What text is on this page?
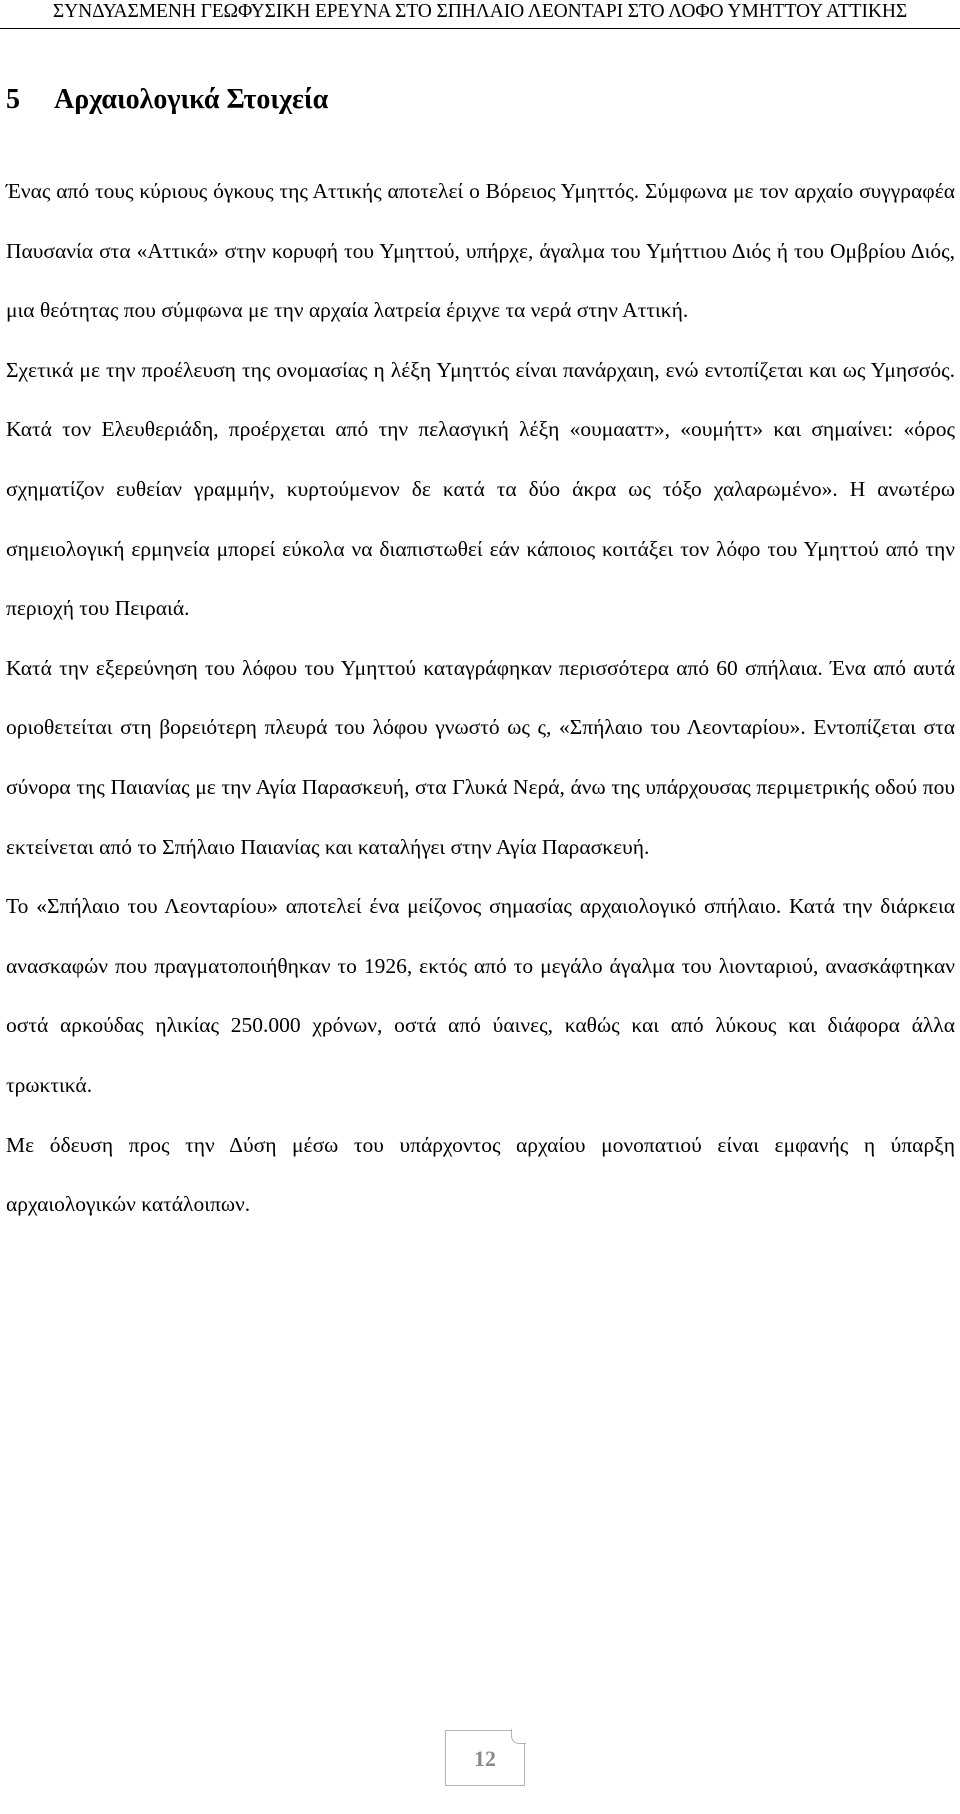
ΣΥΝΔΥΑΣΜΕΝΗ ΓΕΩΦΥΣΙΚΗ ΕΡΕΥΝΑ ΣΤΟ ΣΠΗΛΑΙΟ ΛΕΟΝΤΑΡΙ ΣΤΟ ΛΟΦΟ ΥΜΗΤΤΟΥ ΑΤΤΙΚΗΣ
5 Αρχαιολογικά Στοιχεία

Ένας από τους κύριους όγκους της Αττικής αποτελεί ο Βόρειος Υμηττός. Σύμφωνα με τον αρχαίο συγγραφέα Παυσανία στα «Αττικά» στην κορυφή του Υμηττού, υπήρχε, άγαλμα του Υμήττιου Διός ή του Ομβρίου Διός, μια θεότητας που σύμφωνα με την αρχαία λατρεία έριχνε τα νερά στην Αττική.

Σχετικά με την προέλευση της ονομασίας η λέξη Υμηττός είναι πανάρχαιη, ενώ εντοπίζεται και ως Υμησσός. Κατά τον Ελευθεριάδη, προέρχεται από την πελασγική λέξη «ουμαατт», «ουμήττ» και σημαίνει: «όρος σχηματίζον ευθείαν γραμμήν, κυρτούμενον δε κατά τα δύο άκρα ως τόξο χαλαρωμένο». Η ανωτέρω σημειολογική ερμηνεία μπορεί εύκολα να διαπιστωθεί εάν κάποιος κοιτάξει τον λόφο του Υμηττού από την περιοχή του Πειραιά.

Κατά την εξερεύνηση του λόφου του Υμηττού καταγράφηκαν περισσότερα από 60 σπήλαια. Ένα από αυτά οριοθετείται στη βορειότερη πλευρά του λόφου γνωστό ως ς, «Σπήλαιο του Λεονταρίου». Εντοπίζεται στα σύνορα της Παιανίας με την Αγία Παρασκευή, στα Γλυκά Νερά, άνω της υπάρχουσας περιμετρικής οδού που εκτείνεται από το Σπήλαιο Παιανίας και καταλήγει στην Αγία Παρασκευή.

Το «Σπήλαιο του Λεονταρίου» αποτελεί ένα μείζονος σημασίας αρχαιολογικό σπήλαιο. Κατά την διάρκεια ανασκαφών που πραγματοποιήθηκαν το 1926, εκτός από το μεγάλο άγαλμα του λιονταριού, ανασκάφτηκαν οστά αρκούδας ηλικίας 250.000 χρόνων, οστά από ύαινες, καθώς και από λύκους και διάφορα άλλα τρωκτικά.

Με όδευση προς την Δύση μέσω του υπάρχοντος αρχαίου μονοπατιού είναι εμφανής η ύπαρξη αρχαιολογικών κατάλοιπων.

12
